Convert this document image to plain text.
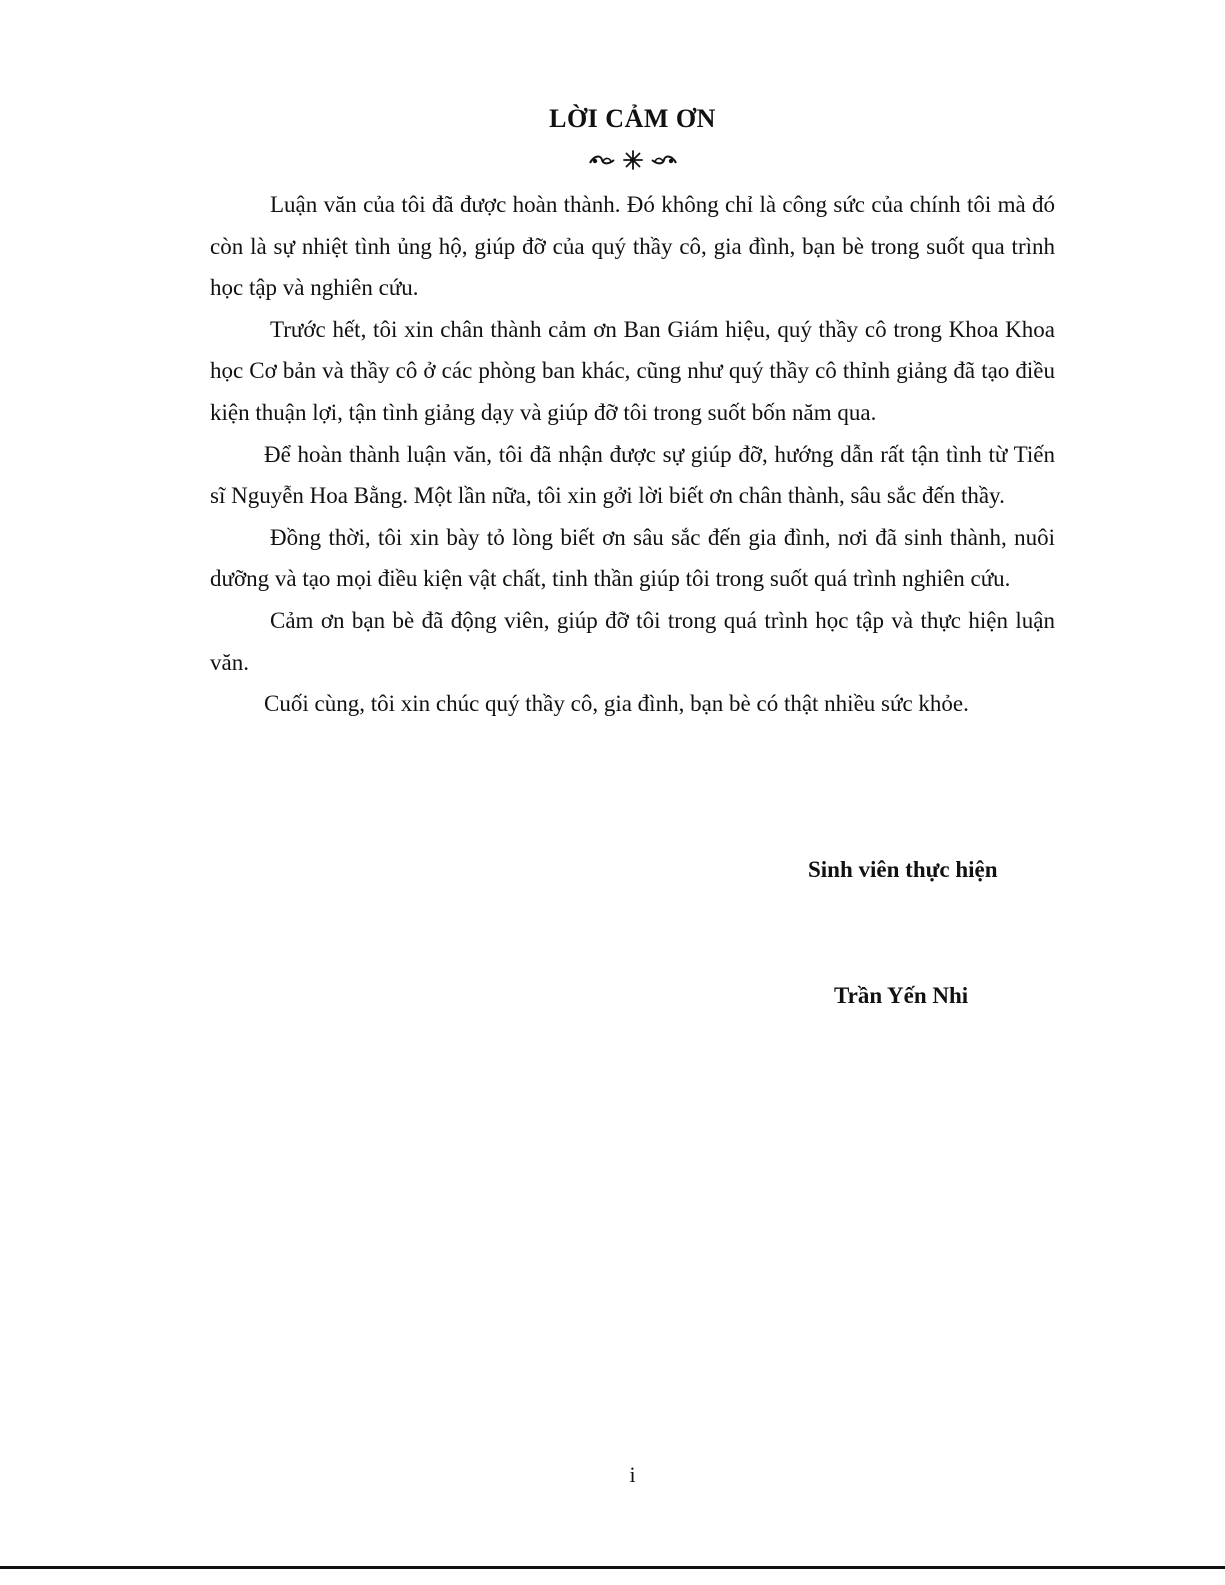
LỜI CẢM ƠN

Luận văn của tôi đã được hoàn thành. Đó không chỉ là công sức của chính tôi mà đó còn là sự nhiệt tình ủng hộ, giúp đỡ của quý thầy cô, gia đình, bạn bè trong suốt qua trình học tập và nghiên cứu.

Trước hết, tôi xin chân thành cảm ơn Ban Giám hiệu, quý thầy cô trong Khoa Khoa học Cơ bản và thầy cô ở các phòng ban khác, cũng như quý thầy cô thỉnh giảng đã tạo điều kiện thuận lợi, tận tình giảng dạy và giúp đỡ tôi trong suốt bốn năm qua.

Để hoàn thành luận văn, tôi đã nhận được sự giúp đỡ, hướng dẫn rất tận tình từ Tiến sĩ Nguyễn Hoa Bằng. Một lần nữa, tôi xin gởi lời biết ơn chân thành, sâu sắc đến thầy.

Đồng thời, tôi xin bày tỏ lòng biết ơn sâu sắc đến gia đình, nơi đã sinh thành, nuôi dưỡng và tạo mọi điều kiện vật chất, tinh thần giúp tôi trong suốt quá trình nghiên cứu.

Cảm ơn bạn bè đã động viên, giúp đỡ tôi trong quá trình học tập và thực hiện luận văn.

Cuối cùng, tôi xin chúc quý thầy cô, gia đình, bạn bè có thật nhiều sức khỏe.

Sinh viên thực hiện
Trần Yến Nhi
i
